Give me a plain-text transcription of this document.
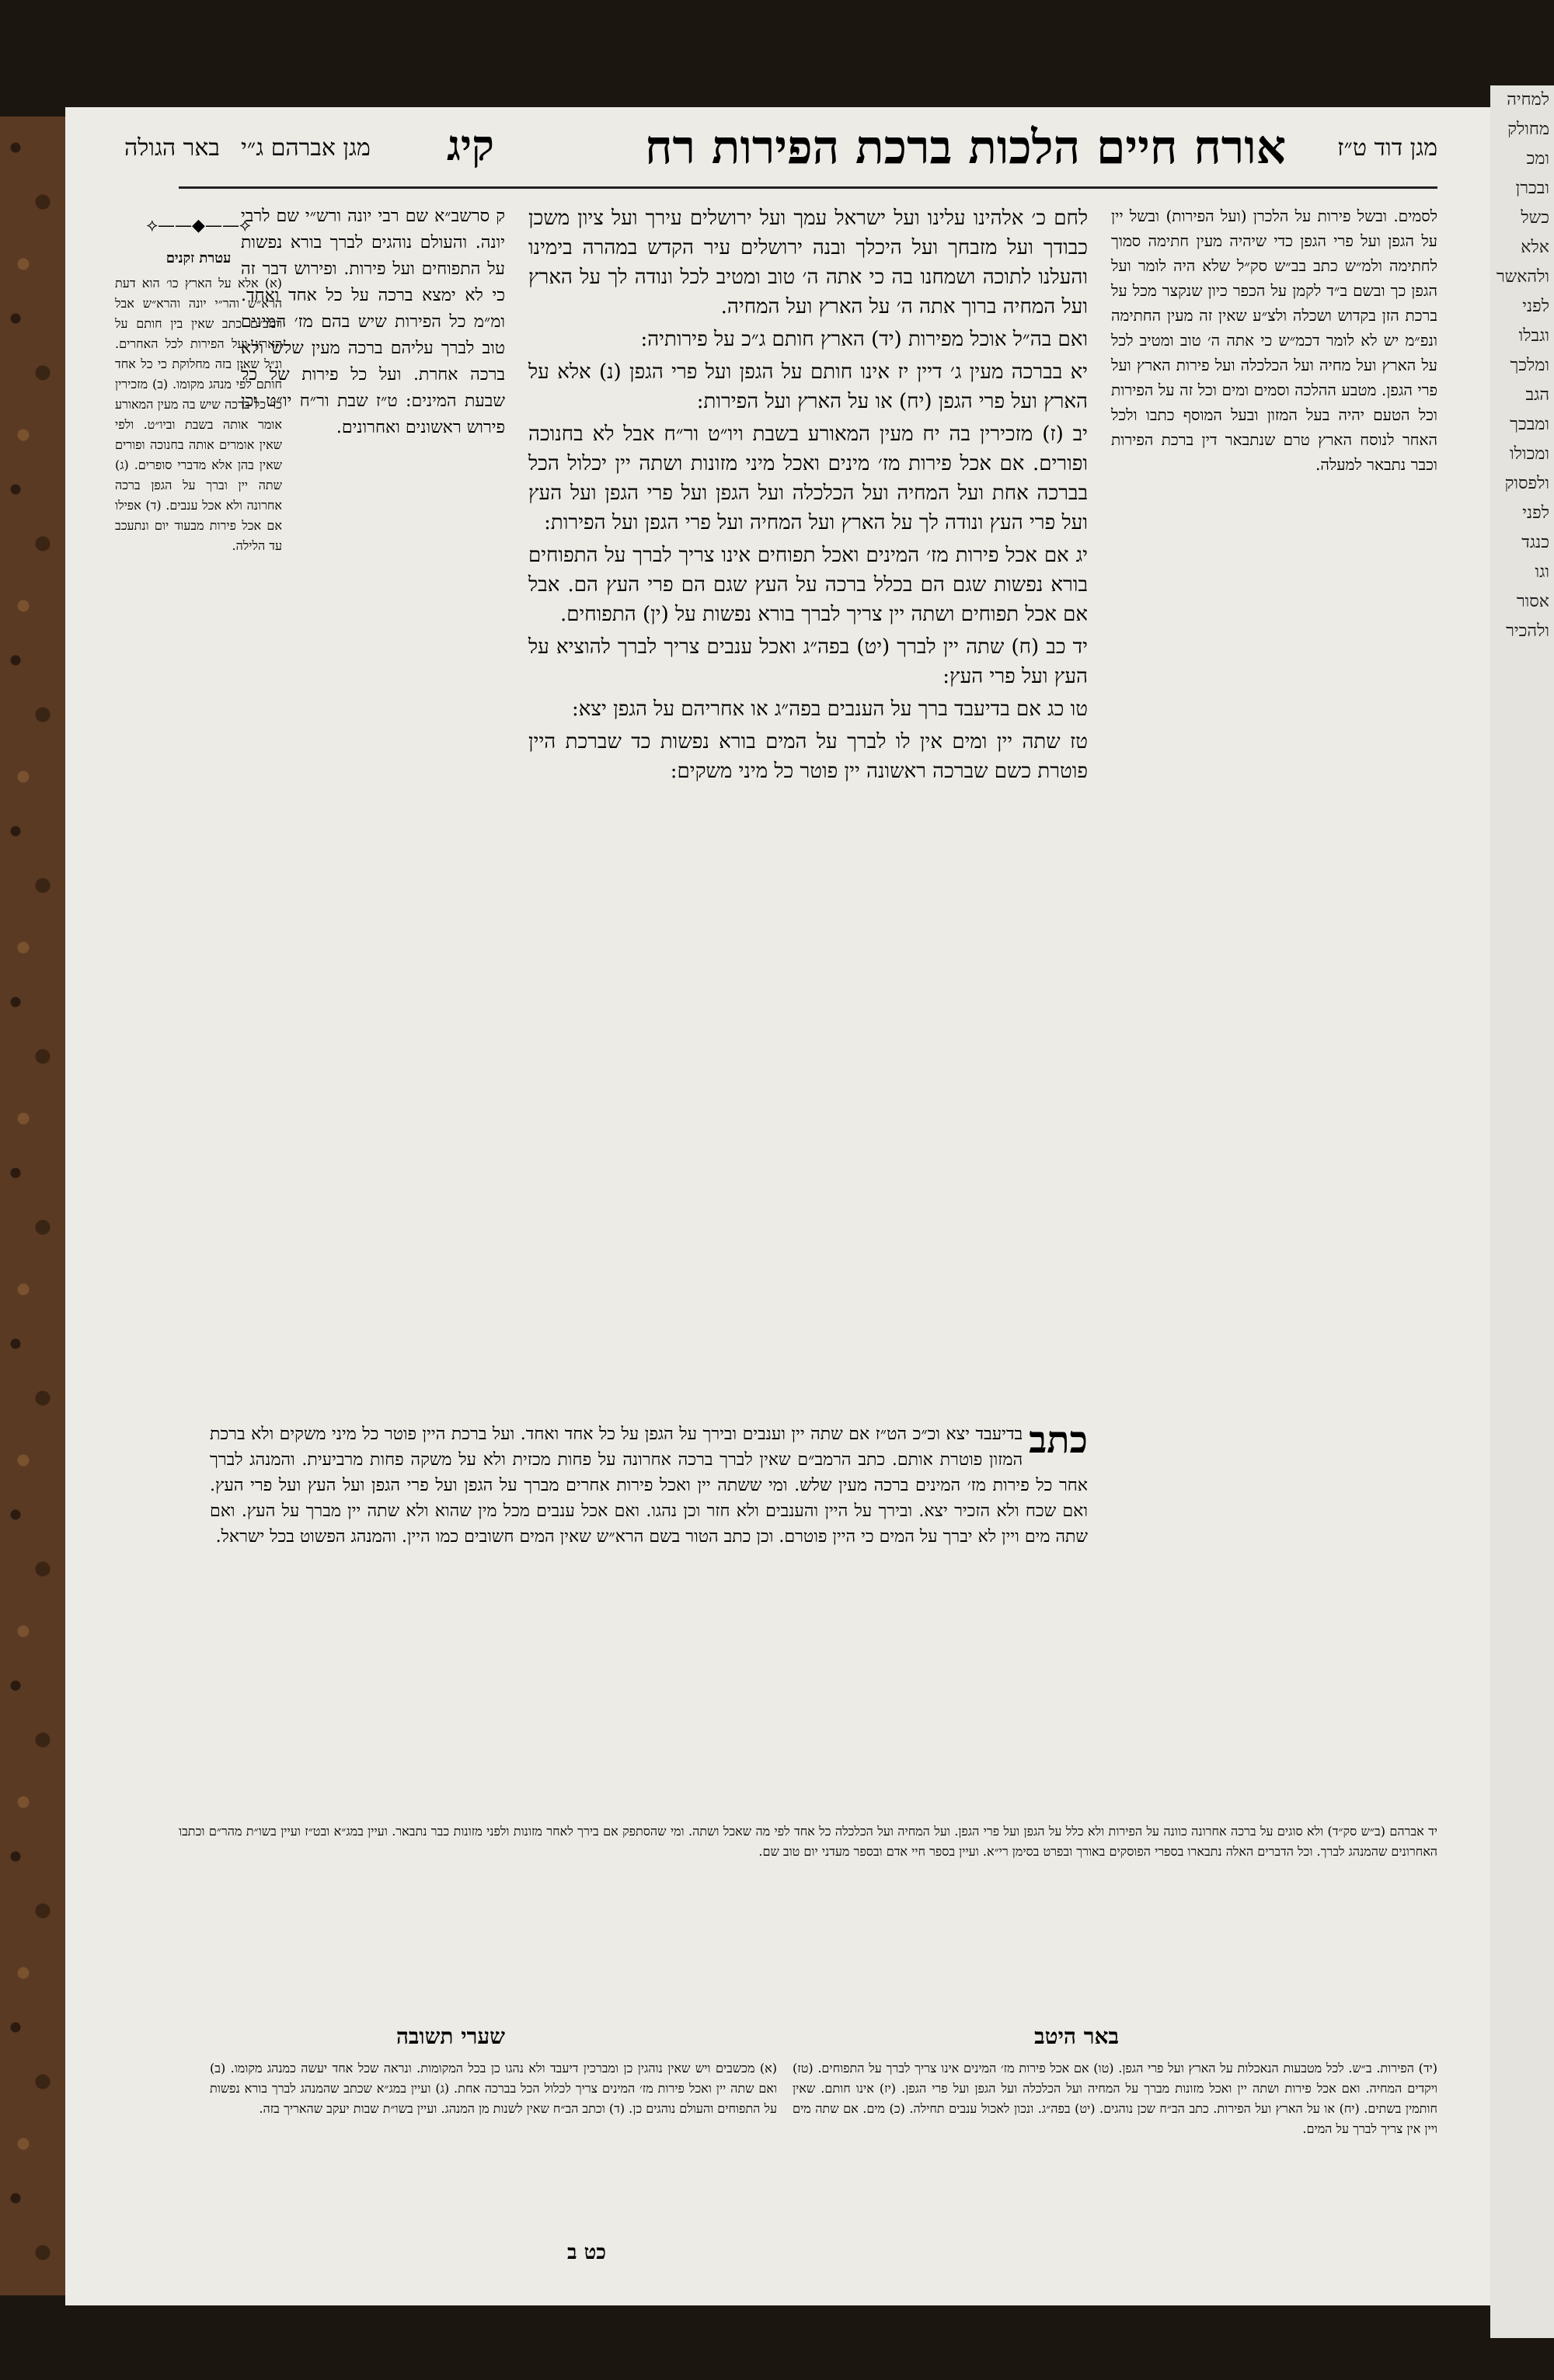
למחיה
מחולק
ומכ
ובכרן
כשל
אלא
ולהאשר
לפני
וגבלו
ומלכך
הגב
ומבכך
ומכולו
ולפסוק
לפני
כנגד
וגו
אסור
ולהכיר
מגן דוד ט״ז
אורח חיים הלכות ברכת הפירות רח
קיג
מגן אברהם ג״י
באר הגולה
לסמים. ובשל פירות על הלכרן (ועל הפירות) ובשל יין על הגפן ועל פרי הגפן כדי שיהיה מעין חתימה סמוך לחתימה ולמ״ש כתב בב״ש סק״ל שלא היה לומר ועל הגפן כך ובשם ב״ד לקמן על הכפר כיון שנקצר מכל על ברכת הזן בקדוש ושכלה ולצ״ע שאין זה מעין החתימה ונפ״מ יש לא לומר דכמ״ש כי אתה ה׳ טוב ומטיב לכל על הארץ ועל מחיה ועל הכלכלה ועל פירות הארץ ועל פרי הגפן. מטבע ההלכה וסמים ומים וכל זה על הפירות וכל הטעם יהיה בעל המזון ובעל המוסף כתבו ולכל האחר לנוסח הארץ טרם שנתבאר דין ברכת הפירות וכבר נתבאר למעלה.

לחם כ׳ אלהינו עלינו ועל ישראל עמך ועל ירושלים עירך ועל ציון משכן כבודך ועל מזבחך ועל היכלך ובנה ירושלים עיר הקדש במהרה בימינו והעלנו לתוכה ושמחנו בה כי אתה ה׳ טוב ומטיב לכל ונודה לך על הארץ ועל המחיה ברוך אתה ה׳ על הארץ ועל המחיה.

ואם בה״ל אוכל מפירות (יד) הארץ חותם ג״כ על פירותיה:

יא בברכה מעין ג׳ דיין יז אינו חותם על הגפן ועל פרי הגפן (נ) אלא על הארץ ועל פרי הגפן (יח) או על הארץ ועל הפירות:

יב (ז) מזכירין בה יח מעין המאורע בשבת ויו״ט ור״ח אבל לא בחנוכה ופורים. אם אכל פירות מז׳ מינים ואכל מיני מזונות ושתה יין יכלול הכל בברכה אחת ועל המחיה ועל הכלכלה ועל הגפן ועל פרי הגפן ועל העץ ועל פרי העץ ונודה לך על הארץ ועל המחיה ועל פרי הגפן ועל הפירות:

יג אם אכל פירות מז׳ המינים ואכל תפוחים אינו צריך לברך על התפוחים בורא נפשות שגם הם בכלל ברכה על העץ שגם הם פרי העץ הם. אבל אם אכל תפוחים ושתה יין צריך לברך בורא נפשות על (ין) התפוחים.

יד כב (ח) שתה יין לברך (יט) בפה״ג ואכל ענבים צריך לברך להוציא על העץ ועל פרי העץ:

טו כג אם בדיעבד ברך על הענבים בפה״ג או אחריהם על הגפן יצא:

טז שתה יין ומים אין לו לברך על המים בורא נפשות כד שברכת היין פוטרת כשם שברכה ראשונה יין פוטר כל מיני משקים:

ק סרשב״א שם רבי יונה ורש״י שם לרבי יונה. והעולם נוהגים לברך בורא נפשות על התפוחים ועל פירות. ופירוש דבר זה כי לא ימצא ברכה על כל אחד ואחד. ומ״מ כל הפירות שיש בהם מז׳ המינים טוב לברך עליהם ברכה מעין שלש ולא ברכה אחרת. ועל כל פירות של כל שבעת המינים: ט״ז שבת ור״ח יו״ט וכן פירוש ראשונים ואחרונים.
⟡——◆——⟡
עטרת זקנים
(א) אלא על הארץ כו׳ הוא דעת הרא״ש והר״י יונה והרא״ש אבל רמב״ם כתב שאין בין חותם על הארץ ועל הפירות לכל האחרים. ונ״ל שאין בזה מחלוקת כי כל אחד חותם לפי מנהג מקומו. (ב) מזכירין כו׳ כל ברכה שיש בה מעין המאורע אומר אותה בשבת וביו״ט. ולפי שאין אומרים אותה בחנוכה ופורים שאין בהן אלא מדברי סופרים. (ג) שתה יין וברך על הגפן ברכה אחרונה ולא אכל ענבים. (ד) אפילו אם אכל פירות מבעוד יום ונתעכב עד הלילה.
כתב
בדיעבד יצא וכ״כ הט״ז אם שתה יין וענבים ובירך על הגפן על כל אחד ואחד. ועל ברכת היין פוטר כל מיני משקים ולא ברכת המזון פוטרת אותם. כתב הרמב״ם שאין לברך ברכה אחרונה על פחות מכזית ולא על משקה פחות מרביעית. והמנהג לברך אחר כל פירות מז׳ המינים ברכה מעין שלש. ומי ששתה יין ואכל פירות אחרים מברך על הגפן ועל פרי הגפן ועל העץ ועל פרי העץ. ואם שכח ולא הזכיר יצא. ובירך על היין והענבים ולא חזר וכן נהגו. ואם אכל ענבים מכל מין שהוא ולא שתה יין מברך על העץ. ואם שתה מים ויין לא יברך על המים כי היין פוטרם. וכן כתב הטור בשם הרא״ש שאין המים חשובים כמו היין. והמנהג הפשוט בכל ישראל.
יד אברהם (ב״ש סק״ד) ולא סוגים על ברכה אחרונה כוונה על הפירות ולא כלל על הגפן ועל פרי הגפן. ועל המחיה ועל הכלכלה כל אחד לפי מה שאכל ושתה. ומי שהסתפק אם בירך לאחר מזונות ולפני מזונות כבר נתבאר. ועיין במג״א ובט״ז ועיין בשו״ת מהר״ם וכתבו האחרונים שהמנהג לברך. וכל הדברים האלה נתבארו בספרי הפוסקים באורך ובפרט בסימן רי״א. ועיין בספר חיי אדם ובספר מעדני יום טוב שם.
באר היטב
שערי תשובה
(יד) הפירות. ב״ש. לכל מטבעות הנאכלות על הארץ ועל פרי הגפן. (טו) אם אכל פירות מז׳ המינים אינו צריך לברך על התפוחים. (טז) ויקדים המחיה. ואם אכל פירות ושתה יין ואכל מזונות מברך על המחיה ועל הכלכלה ועל הגפן ועל פרי הגפן. (יז) אינו חותם. שאין חותמין בשתים. (יח) או על הארץ ועל הפירות. כתב הב״ח שכן נוהגים. (יט) בפה״ג. ונכון לאכול ענבים תחילה. (כ) מים. אם שתה מים ויין אין צריך לברך על המים.
(א) מכשבים ויש שאין נוהגין כן ומברכין דיעבד ולא נהגו כן בכל המקומות. ונראה שכל אחד יעשה כמנהג מקומו. (ב) ואם שתה יין ואכל פירות מז׳ המינים צריך לכלול הכל בברכה אחת. (ג) ועיין במג״א שכתב שהמנהג לברך בורא נפשות על התפוחים והעולם נוהגים כן. (ד) וכתב הב״ח שאין לשנות מן המנהג. ועיין בשו״ת שבות יעקב שהאריך בזה.
כט ב
